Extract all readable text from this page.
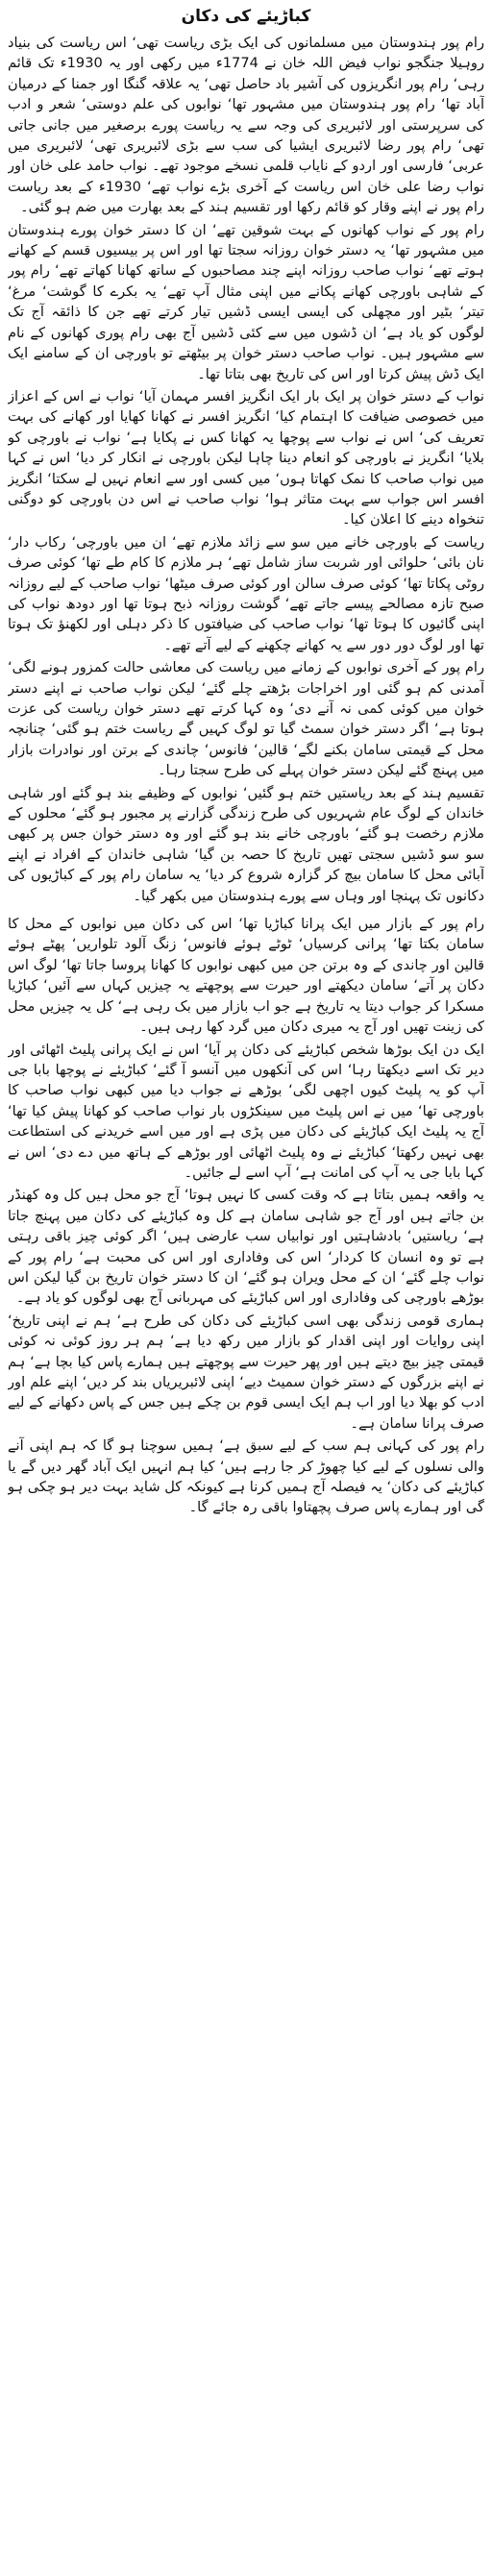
کباڑیئے کی دکان

رام پور ہندوستان میں مسلمانوں کی ایک بڑی ریاست تھی‘ اس ریاست کی بنیاد روہیلا جنگجو نواب فیض اللہ خان نے 1774ء میں رکھی اور یہ 1930ء تک قائم رہی‘ رام پور انگریزوں کی آشیر باد حاصل تھی‘ یہ علاقہ گنگا اور جمنا کے درمیان آباد تھا‘ رام پور ہندوستان میں مشہور تھا‘ نوابوں کی علم دوستی‘ شعر و ادب کی سرپرستی اور لائبریری کی وجہ سے یہ ریاست پورے برصغیر میں جانی جاتی تھی‘ رام پور رضا لائبریری ایشیا کی سب سے بڑی لائبریری تھی‘ لائبریری میں عربی‘ فارسی اور اردو کے نایاب قلمی نسخے موجود تھے۔ نواب حامد علی خان اور نواب رضا علی خان اس ریاست کے آخری بڑے نواب تھے‘ 1930ء کے بعد ریاست رام پور نے اپنے وقار کو قائم رکھا اور تقسیم ہند کے بعد بھارت میں ضم ہو گئی۔

رام پور کے نواب کھانوں کے بہت شوقین تھے‘ ان کا دستر خوان پورے ہندوستان میں مشہور تھا‘ یہ دستر خوان روزانہ سجتا تھا اور اس پر بیسیوں قسم کے کھانے ہوتے تھے‘ نواب صاحب روزانہ اپنے چند مصاحبوں کے ساتھ کھانا کھاتے تھے‘ رام پور کے شاہی باورچی کھانے پکانے میں اپنی مثال آپ تھے‘ یہ بکرے کا گوشت‘ مرغ‘ تیتر‘ بٹیر اور مچھلی کی ایسی ایسی ڈشیں تیار کرتے تھے جن کا ذائقہ آج تک لوگوں کو یاد ہے‘ ان ڈشوں میں سے کئی ڈشیں آج بھی رام پوری کھانوں کے نام سے مشہور ہیں۔ نواب صاحب دستر خوان پر بیٹھتے تو باورچی ان کے سامنے ایک ایک ڈش پیش کرتا اور اس کی تاریخ بھی بتاتا تھا۔

نواب کے دستر خوان پر ایک بار ایک انگریز افسر مہمان آیا‘ نواب نے اس کے اعزاز میں خصوصی ضیافت کا اہتمام کیا‘ انگریز افسر نے کھانا کھایا اور کھانے کی بہت تعریف کی‘ اس نے نواب سے پوچھا یہ کھانا کس نے پکایا ہے‘ نواب نے باورچی کو بلایا‘ انگریز نے باورچی کو انعام دینا چاہا لیکن باورچی نے انکار کر دیا‘ اس نے کہا میں نواب صاحب کا نمک کھاتا ہوں‘ میں کسی اور سے انعام نہیں لے سکتا‘ انگریز افسر اس جواب سے بہت متاثر ہوا‘ نواب صاحب نے اس دن باورچی کو دوگنی تنخواہ دینے کا اعلان کیا۔

ریاست کے باورچی خانے میں سو سے زائد ملازم تھے‘ ان میں باورچی‘ رکاب دار‘ نان بائی‘ حلوائی اور شربت ساز شامل تھے‘ ہر ملازم کا کام طے تھا‘ کوئی صرف روٹی پکاتا تھا‘ کوئی صرف سالن اور کوئی صرف میٹھا‘ نواب صاحب کے لیے روزانہ صبح تازہ مصالحے پیسے جاتے تھے‘ گوشت روزانہ ذبح ہوتا تھا اور دودھ نواب کی اپنی گائیوں کا ہوتا تھا‘ نواب صاحب کی ضیافتوں کا ذکر دہلی اور لکھنؤ تک ہوتا تھا اور لوگ دور دور سے یہ کھانے چکھنے کے لیے آتے تھے۔

رام پور کے آخری نوابوں کے زمانے میں ریاست کی معاشی حالت کمزور ہونے لگی‘ آمدنی کم ہو گئی اور اخراجات بڑھتے چلے گئے‘ لیکن نواب صاحب نے اپنے دستر خوان میں کوئی کمی نہ آنے دی‘ وہ کہا کرتے تھے دستر خوان ریاست کی عزت ہوتا ہے‘ اگر دستر خوان سمٹ گیا تو لوگ کہیں گے ریاست ختم ہو گئی‘ چنانچہ محل کے قیمتی سامان بکنے لگے‘ قالین‘ فانوس‘ چاندی کے برتن اور نوادرات بازار میں پہنچ گئے لیکن دستر خوان پہلے کی طرح سجتا رہا۔

تقسیم ہند کے بعد ریاستیں ختم ہو گئیں‘ نوابوں کے وظیفے بند ہو گئے اور شاہی خاندان کے لوگ عام شہریوں کی طرح زندگی گزارنے پر مجبور ہو گئے‘ محلوں کے ملازم رخصت ہو گئے‘ باورچی خانے بند ہو گئے اور وہ دستر خوان جس پر کبھی سو سو ڈشیں سجتی تھیں تاریخ کا حصہ بن گیا‘ شاہی خاندان کے افراد نے اپنے آبائی محل کا سامان بیچ کر گزارہ شروع کر دیا‘ یہ سامان رام پور کے کباڑیوں کی دکانوں تک پہنچا اور وہاں سے پورے ہندوستان میں بکھر گیا۔

رام پور کے بازار میں ایک پرانا کباڑیا تھا‘ اس کی دکان میں نوابوں کے محل کا سامان بکتا تھا‘ پرانی کرسیاں‘ ٹوٹے ہوئے فانوس‘ زنگ آلود تلواریں‘ پھٹے ہوئے قالین اور چاندی کے وہ برتن جن میں کبھی نوابوں کا کھانا پروسا جاتا تھا‘ لوگ اس دکان پر آتے‘ سامان دیکھتے اور حیرت سے پوچھتے یہ چیزیں کہاں سے آئیں‘ کباڑیا مسکرا کر جواب دیتا یہ تاریخ ہے جو اب بازار میں بک رہی ہے‘ کل یہ چیزیں محل کی زینت تھیں اور آج یہ میری دکان میں گرد کھا رہی ہیں۔

ایک دن ایک بوڑھا شخص کباڑیئے کی دکان پر آیا‘ اس نے ایک پرانی پلیٹ اٹھائی اور دیر تک اسے دیکھتا رہا‘ اس کی آنکھوں میں آنسو آ گئے‘ کباڑیئے نے پوچھا بابا جی آپ کو یہ پلیٹ کیوں اچھی لگی‘ بوڑھے نے جواب دیا میں کبھی نواب صاحب کا باورچی تھا‘ میں نے اس پلیٹ میں سینکڑوں بار نواب صاحب کو کھانا پیش کیا تھا‘ آج یہ پلیٹ ایک کباڑیئے کی دکان میں پڑی ہے اور میں اسے خریدنے کی استطاعت بھی نہیں رکھتا‘ کباڑیئے نے وہ پلیٹ اٹھائی اور بوڑھے کے ہاتھ میں دے دی‘ اس نے کہا بابا جی یہ آپ کی امانت ہے‘ آپ اسے لے جائیں۔

یہ واقعہ ہمیں بتاتا ہے کہ وقت کسی کا نہیں ہوتا‘ آج جو محل ہیں کل وہ کھنڈر بن جاتے ہیں اور آج جو شاہی سامان ہے کل وہ کباڑیئے کی دکان میں پہنچ جاتا ہے‘ ریاستیں‘ بادشاہتیں اور نوابیاں سب عارضی ہیں‘ اگر کوئی چیز باقی رہتی ہے تو وہ انسان کا کردار‘ اس کی وفاداری اور اس کی محبت ہے‘ رام پور کے نواب چلے گئے‘ ان کے محل ویران ہو گئے‘ ان کا دستر خوان تاریخ بن گیا لیکن اس بوڑھے باورچی کی وفاداری اور اس کباڑیئے کی مہربانی آج بھی لوگوں کو یاد ہے۔

ہماری قومی زندگی بھی اسی کباڑیئے کی دکان کی طرح ہے‘ ہم نے اپنی تاریخ‘ اپنی روایات اور اپنی اقدار کو بازار میں رکھ دیا ہے‘ ہم ہر روز کوئی نہ کوئی قیمتی چیز بیچ دیتے ہیں اور پھر حیرت سے پوچھتے ہیں ہمارے پاس کیا بچا ہے‘ ہم نے اپنے بزرگوں کے دستر خوان سمیٹ دیے‘ اپنی لائبریریاں بند کر دیں‘ اپنے علم اور ادب کو بھلا دیا اور اب ہم ایک ایسی قوم بن چکے ہیں جس کے پاس دکھانے کے لیے صرف پرانا سامان ہے۔

رام پور کی کہانی ہم سب کے لیے سبق ہے‘ ہمیں سوچنا ہو گا کہ ہم اپنی آنے والی نسلوں کے لیے کیا چھوڑ کر جا رہے ہیں‘ کیا ہم انہیں ایک آباد گھر دیں گے یا کباڑیئے کی دکان‘ یہ فیصلہ آج ہمیں کرنا ہے کیونکہ کل شاید بہت دیر ہو چکی ہو گی اور ہمارے پاس صرف پچھتاوا باقی رہ جائے گا۔
